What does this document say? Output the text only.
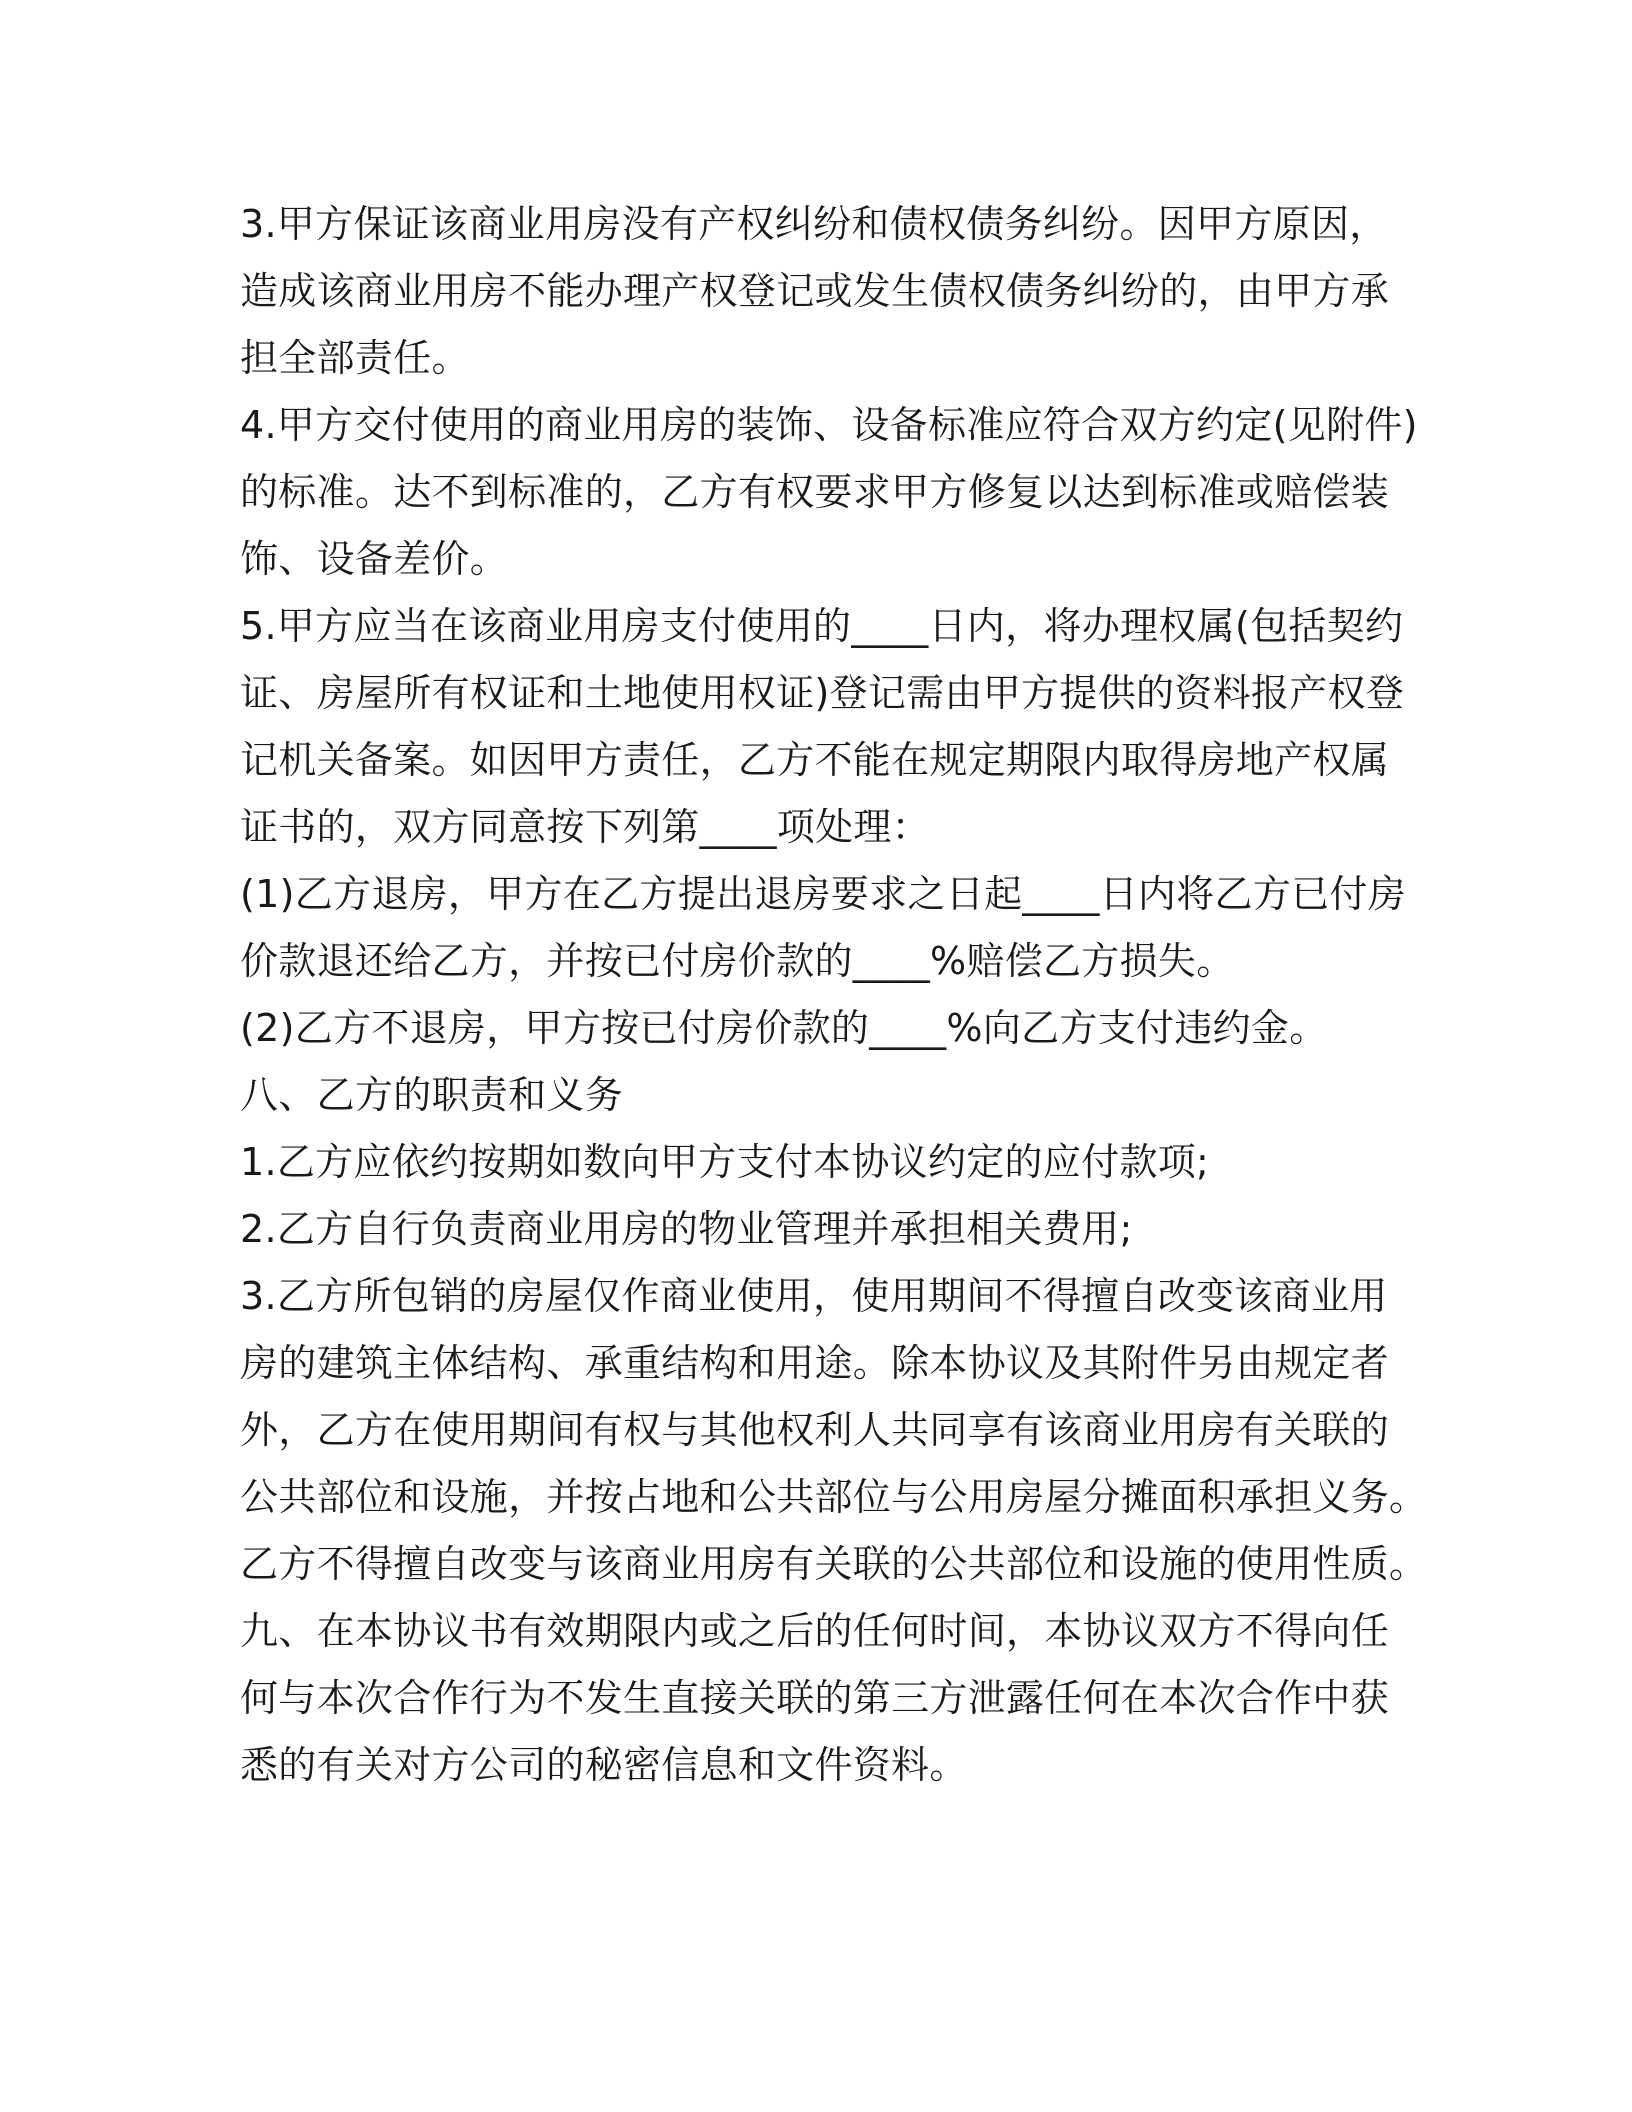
3.甲方保证该商业用房没有产权纠纷和债权债务纠纷。因甲方原因，
造成该商业用房不能办理产权登记或发生债权债务纠纷的，由甲方承
担全部责任。
4.甲方交付使用的商业用房的装饰、设备标准应符合双方约定(见附件)
的标准。达不到标准的，乙方有权要求甲方修复以达到标准或赔偿装
饰、设备差价。
5.甲方应当在该商业用房支付使用的____日内，将办理权属(包括契约
证、房屋所有权证和土地使用权证)登记需由甲方提供的资料报产权登
记机关备案。如因甲方责任，乙方不能在规定期限内取得房地产权属
证书的，双方同意按下列第____项处理：
(1)乙方退房，甲方在乙方提出退房要求之日起____日内将乙方已付房
价款退还给乙方，并按已付房价款的____%赔偿乙方损失。
(2)乙方不退房，甲方按已付房价款的____%向乙方支付违约金。
八、乙方的职责和义务
1.乙方应依约按期如数向甲方支付本协议约定的应付款项;
2.乙方自行负责商业用房的物业管理并承担相关费用;
3.乙方所包销的房屋仅作商业使用，使用期间不得擅自改变该商业用
房的建筑主体结构、承重结构和用途。除本协议及其附件另由规定者
外，乙方在使用期间有权与其他权利人共同享有该商业用房有关联的
公共部位和设施，并按占地和公共部位与公用房屋分摊面积承担义务。
乙方不得擅自改变与该商业用房有关联的公共部位和设施的使用性质。
九、在本协议书有效期限内或之后的任何时间，本协议双方不得向任
何与本次合作行为不发生直接关联的第三方泄露任何在本次合作中获
悉的有关对方公司的秘密信息和文件资料。
